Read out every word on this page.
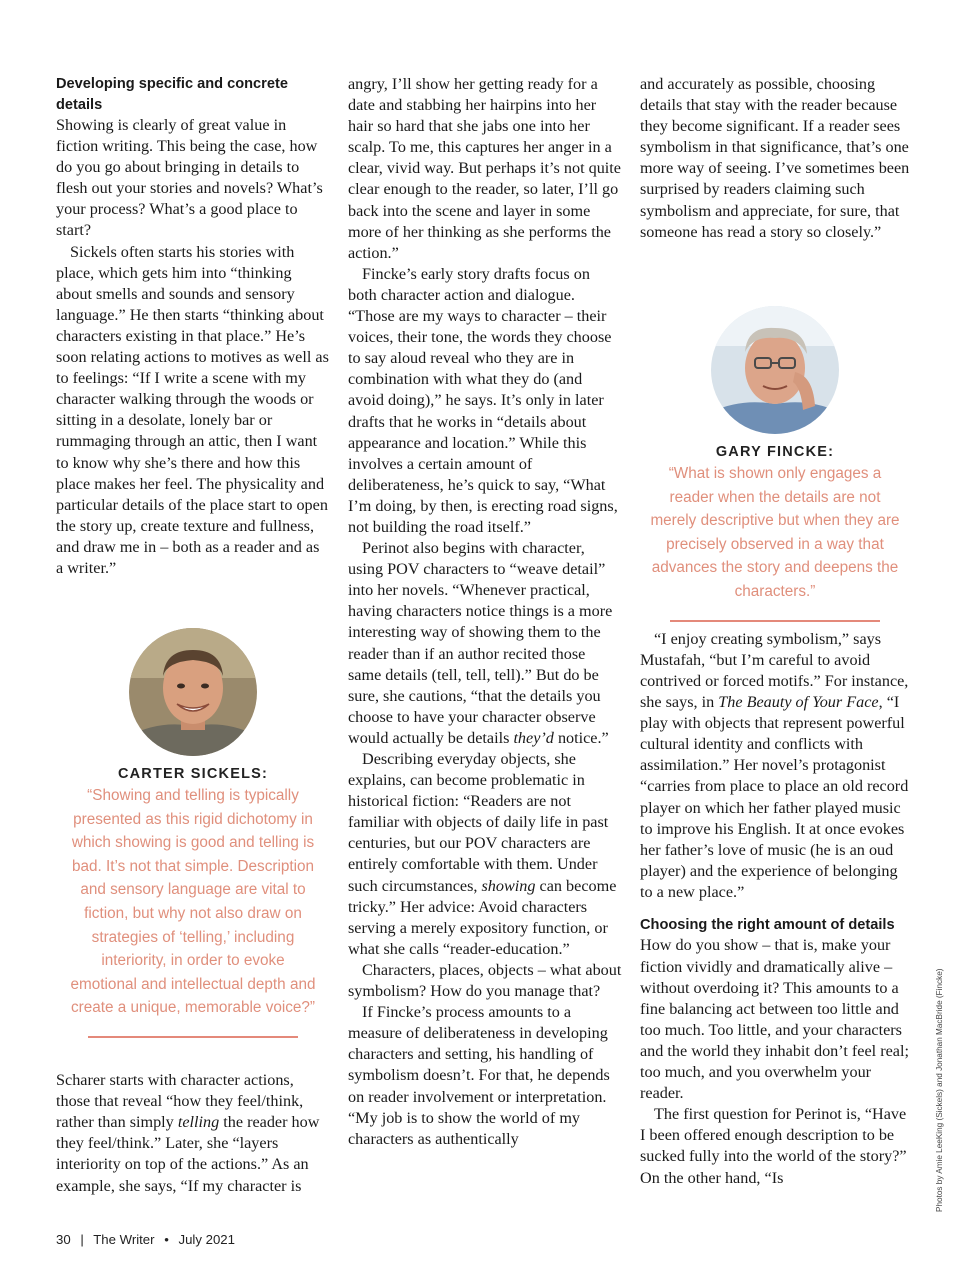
Developing specific and concrete details

Showing is clearly of great value in fiction writing. This being the case, how do you go about bringing in details to flesh out your stories and novels? What’s your process? What’s a good place to start?

Sickels often starts his stories with place, which gets him into “thinking about smells and sounds and sensory language.” He then starts “thinking about characters existing in that place.” He’s soon relating actions to motives as well as to feelings: “If I write a scene with my character walking through the woods or sitting in a desolate, lonely bar or rummaging through an attic, then I want to know why she’s there and how this place makes her feel. The physicality and particular details of the place start to open the story up, create texture and fullness, and draw me in – both as a reader and as a writer.”

Scharer starts with character actions, those that reveal “how they feel/think, rather than simply telling the reader how they feel/think.” Later, she “layers interiority on top of the actions.” As an example, she says, “If my character is

angry, I’ll show her getting ready for a date and stabbing her hairpins into her hair so hard that she jabs one into her scalp. To me, this captures her anger in a clear, vivid way. But perhaps it’s not quite clear enough to the reader, so later, I’ll go back into the scene and layer in some more of her thinking as she performs the action.”

Fincke’s early story drafts focus on both character action and dialogue. “Those are my ways to character – their voices, their tone, the words they choose to say aloud reveal who they are in combination with what they do (and avoid doing),” he says. It’s only in later drafts that he works in “details about appearance and location.” While this involves a certain amount of deliberateness, he’s quick to say, “What I’m doing, by then, is erecting road signs, not building the road itself.”

Perinot also begins with character, using POV characters to “weave detail” into her novels. “Whenever practical, having characters notice things is a more interesting way of showing them to the reader than if an author recited those same details (tell, tell, tell).” But do be sure, she cautions, “that the details you choose to have your character observe would actually be details they’d notice.”

Describing everyday objects, she explains, can become problematic in historical fiction: “Readers are not familiar with objects of daily life in past centuries, but our POV characters are entirely comfortable with them. Under such circumstances, showing can become tricky.” Her advice: Avoid characters serving a merely expository function, or what she calls “reader-education.”

Characters, places, objects – what about symbolism? How do you manage that?

If Fincke’s process amounts to a measure of deliberateness in developing characters and setting, his handling of symbolism doesn’t. For that, he depends on reader involvement or interpretation. “My job is to show the world of my characters as authentically

and accurately as possible, choosing details that stay with the reader because they become significant. If a reader sees symbolism in that significance, that’s one more way of seeing. I’ve sometimes been surprised by readers claiming such symbolism and appreciate, for sure, that someone has read a story so closely.”

“I enjoy creating symbolism,” says Mustafah, “but I’m careful to avoid contrived or forced motifs.” For instance, she says, in The Beauty of Your Face, “I play with objects that represent powerful cultural identity and conflicts with assimilation.” Her novel’s protagonist “carries from place to place an old record player on which her father played music to improve his English. It at once evokes her father’s love of music (he is an oud player) and the experience of belonging to a new place.”

Choosing the right amount of details

How do you show – that is, make your fiction vividly and dramatically alive – without overdoing it? This amounts to a fine balancing act between too little and too much. Too little, and your characters and the world they inhabit don’t feel real; too much, and you overwhelm your reader.

The first question for Perinot is, “Have I been offered enough description to be sucked fully into the world of the story?” On the other hand, “Is

CARTER SICKELS:
“Showing and telling is typically presented as this rigid dichotomy in which showing is good and telling is bad. It’s not that simple. Description and sensory language are vital to fiction, but why not also draw on strategies of ‘telling,’ including interiority, in order to evoke emotional and intellectual depth and create a unique, memorable voice?”
GARY FINCKE:
“What is shown only engages a reader when the details are not merely descriptive but when they are precisely observed in a way that advances the story and deepens the characters.”
30 | The Writer • July 2021
Photos by Amie LeeKing (Sickels) and Jonathan MacBride (Fincke)
